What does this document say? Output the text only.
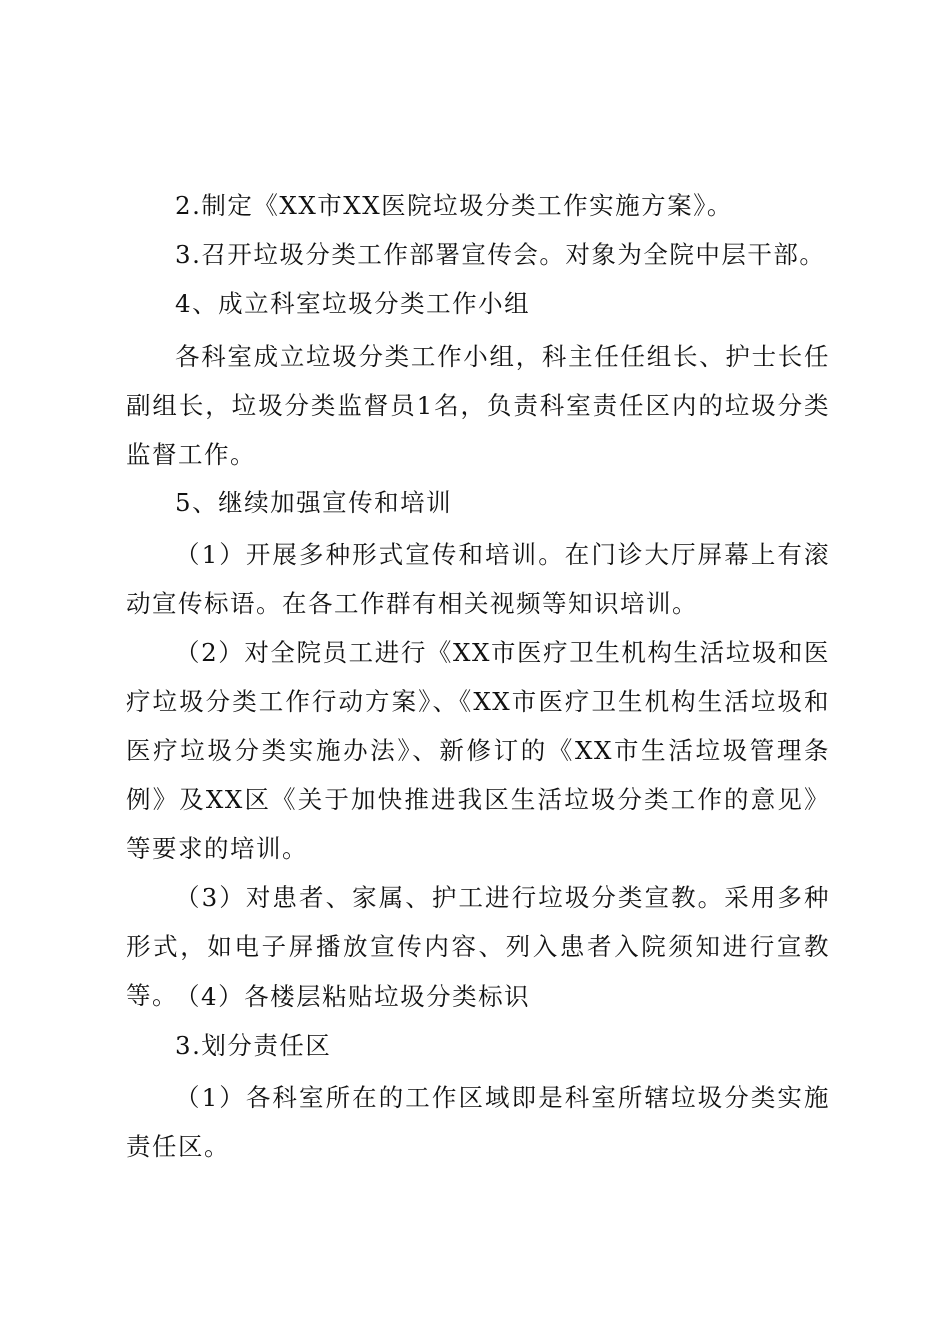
2.制定《XX市XX医院垃圾分类工作实施方案》。

3.召开垃圾分类工作部署宣传会。对象为全院中层干部。

4、成立科室垃圾分类工作小组

各科室成立垃圾分类工作小组，科主任任组长、护士长任副组长，垃圾分类监督员1名，负责科室责任区内的垃圾分类监督工作。

5、继续加强宣传和培训

（1）开展多种形式宣传和培训。在门诊大厅屏幕上有滚动宣传标语。在各工作群有相关视频等知识培训。

（2）对全院员工进行《XX市医疗卫生机构生活垃圾和医疗垃圾分类工作行动方案》、《XX市医疗卫生机构生活垃圾和医疗垃圾分类实施办法》、新修订的《XX市生活垃圾管理条例》及XX区《关于加快推进我区生活垃圾分类工作的意见》等要求的培训。

（3）对患者、家属、护工进行垃圾分类宣教。采用多种形式，如电子屏播放宣传内容、列入患者入院须知进行宣教等。

（4）各楼层粘贴垃圾分类标识

3.划分责任区

（1）各科室所在的工作区域即是科室所辖垃圾分类实施责任区。
